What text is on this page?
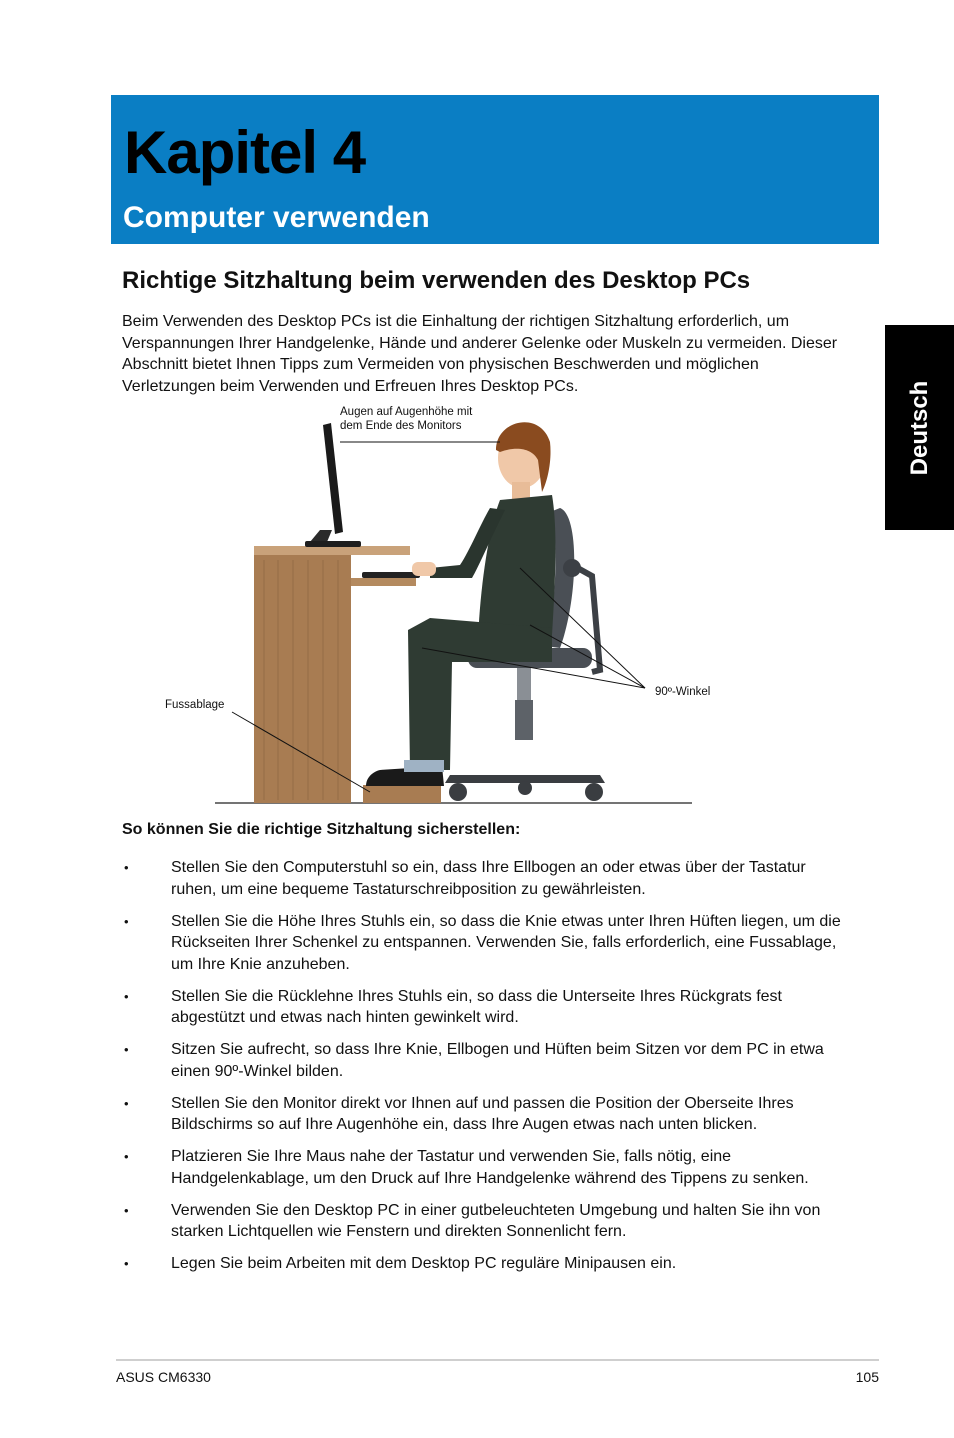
Kapitel 4
Computer verwenden
Deutsch
Richtige Sitzhaltung beim verwenden des Desktop PCs

Beim Verwenden des Desktop PCs ist die Einhaltung der richtigen Sitzhaltung erforderlich, um Verspannungen Ihrer Handgelenke, Hände und anderer Gelenke oder Muskeln zu vermeiden. Dieser Abschnitt bietet Ihnen Tipps zum Vermeiden von physischen Beschwerden und möglichen Verletzungen beim Verwenden und Erfreuen Ihres Desktop PCs.

Augen auf Augenhöhe mit
dem Ende des Monitors
Fussablage
90º-Winkel
So können Sie die richtige Sitzhaltung sicherstellen:
• Stellen Sie den Computerstuhl so ein, dass Ihre Ellbogen an oder etwas über der Tastatur ruhen, um eine bequeme Tastaturschreibposition zu gewährleisten.
• Stellen Sie die Höhe Ihres Stuhls ein, so dass die Knie etwas unter Ihren Hüften liegen, um die Rückseiten Ihrer Schenkel zu entspannen. Verwenden Sie, falls erforderlich, eine Fussablage, um Ihre Knie anzuheben.
• Stellen Sie die Rücklehne Ihres Stuhls ein, so dass die Unterseite Ihres Rückgrats fest abgestützt und etwas nach hinten gewinkelt wird.
• Sitzen Sie aufrecht, so dass Ihre Knie, Ellbogen und Hüften beim Sitzen vor dem PC in etwa einen 90º-Winkel bilden.
• Stellen Sie den Monitor direkt vor Ihnen auf und passen die Position der Oberseite Ihres Bildschirms so auf Ihre Augenhöhe ein, dass Ihre Augen etwas nach unten blicken.
• Platzieren Sie Ihre Maus nahe der Tastatur und verwenden Sie, falls nötig, eine Handgelenkablage, um den Druck auf Ihre Handgelenke während des Tippens zu senken.
• Verwenden Sie den Desktop PC in einer gutbeleuchteten Umgebung und halten Sie ihn von starken Lichtquellen wie Fenstern und direkten Sonnenlicht fern.
• Legen Sie beim Arbeiten mit dem Desktop PC reguläre Minipausen ein.
ASUS CM6330	105
